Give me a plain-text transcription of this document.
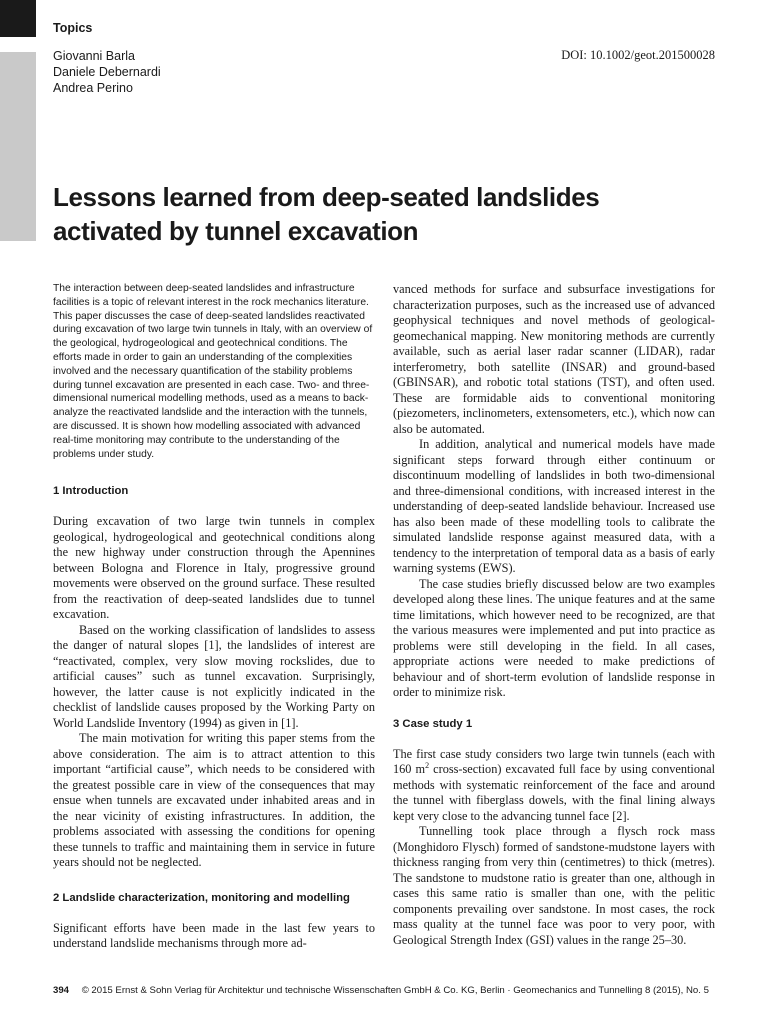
Topics
Giovanni Barla
Daniele Debernardi
Andrea Perino
DOI: 10.1002/geot.201500028
Lessons learned from deep-seated landslides activated by tunnel excavation

The interaction between deep-seated landslides and infrastructure facilities is a topic of relevant interest in the rock mechanics literature. This paper discusses the case of deep-seated landslides reactivated during excavation of two large twin tunnels in Italy, with an overview of the geological, hydrogeological and geotechnical conditions. The efforts made in order to gain an understanding of the complexities involved and the necessary quantification of the stability problems during tunnel excavation are presented in each case. Two- and three-dimensional numerical modelling methods, used as a means to back-analyze the reactivated landslide and the interaction with the tunnels, are discussed. It is shown how modelling associated with advanced real-time monitoring may contribute to the understanding of the problems under study.

1 Introduction

During excavation of two large twin tunnels in complex geological, hydrogeological and geotechnical conditions along the new highway under construction through the Apennines between Bologna and Florence in Italy, progressive ground movements were observed on the ground surface. These resulted from the reactivation of deep-seated landslides due to tunnel excavation.

Based on the working classification of landslides to assess the danger of natural slopes [1], the landslides of interest are “reactivated, complex, very slow moving rockslides, due to artificial causes” such as tunnel excavation. Surprisingly, however, the latter cause is not explicitly indicated in the checklist of landslide causes proposed by the Working Party on World Landslide Inventory (1994) as given in [1].

The main motivation for writing this paper stems from the above consideration. The aim is to attract attention to this important “artificial cause”, which needs to be considered with the greatest possible care in view of the consequences that may ensue when tunnels are excavated under inhabited areas and in the near vicinity of existing infrastructures. In addition, the problems associated with assessing the conditions for opening these tunnels to traffic and maintaining them in service in future years should not be neglected.

2 Landslide characterization, monitoring and modelling

Significant efforts have been made in the last few years to understand landslide mechanisms through more ad-

vanced methods for surface and subsurface investigations for characterization purposes, such as the increased use of advanced geophysical techniques and novel methods of geological-geomechanical mapping. New monitoring methods are currently available, such as aerial laser radar scanner (LIDAR), radar interferometry, both satellite (INSAR) and ground-based (GBINSAR), and robotic total stations (TST), and often used. These are formidable aids to conventional monitoring (piezometers, inclinometers, extensometers, etc.), which now can also be automated.

In addition, analytical and numerical models have made significant steps forward through either continuum or discontinuum modelling of landslides in both two-dimensional and three-dimensional conditions, with increased interest in the understanding of deep-seated landslide behaviour. Increased use has also been made of these modelling tools to calibrate the simulated landslide response against measured data, with a tendency to the interpretation of temporal data as a basis of early warning systems (EWS).

The case studies briefly discussed below are two examples developed along these lines. The unique features and at the same time limitations, which however need to be recognized, are that the various measures were implemented and put into practice as problems were still developing in the field. In all cases, appropriate actions were needed to make predictions of behaviour and of short-term evolution of landslide response in order to minimize risk.

3 Case study 1

The first case study considers two large twin tunnels (each with 160 $m^2$ cross-section) excavated full face by using conventional methods with systematic reinforcement of the face and around the tunnel with fiberglass dowels, with the final lining always kept very close to the advancing tunnel face [2].

Tunnelling took place through a flysch rock mass (Monghidoro Flysch) formed of sandstone-mudstone layers with thickness ranging from very thin (centimetres) to thick (metres). The sandstone to mudstone ratio is greater than one, although in cases this same ratio is smaller than one, with the pelitic components prevailing over sandstone. In most cases, the rock mass quality at the tunnel face was poor to very poor, with Geological Strength Index (GSI) values in the range 25–30.

394 © 2015 Ernst & Sohn Verlag für Architektur und technische Wissenschaften GmbH & Co. KG, Berlin · Geomechanics and Tunnelling 8 (2015), No. 5
